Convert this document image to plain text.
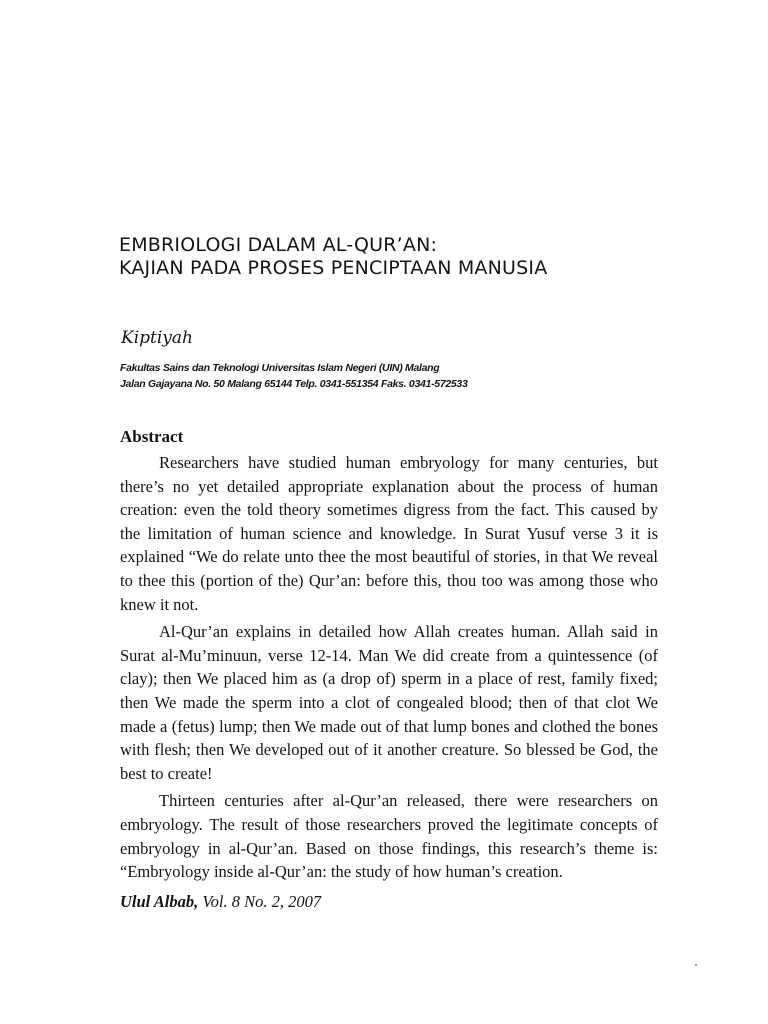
EMBRIOLOGI DALAM AL-QUR’AN:
KAJIAN PADA PROSES PENCIPTAAN MANUSIA

Kiptiyah

Fakultas Sains dan Teknologi Universitas Islam Negeri (UIN) Malang
Jalan Gajayana No. 50 Malang 65144 Telp. 0341-551354 Faks. 0341-572533
Abstract

Researchers have studied human embryology for many centuries, but there’s no yet detailed appropriate explanation about the process of human creation: even the told theory sometimes digress from the fact. This caused by the limitation of human science and knowledge. In Surat Yusuf verse 3 it is explained “We do relate unto thee the most beautiful of stories, in that We reveal to thee this (portion of the) Qur’an: before this, thou too was among those who knew it not.

Al-Qur’an explains in detailed how Allah creates human. Allah said in Surat al-Mu’minuun, verse 12-14. Man We did create from a quintessence (of clay); then We placed him as (a drop of) sperm in a place of rest, family fixed; then We made the sperm into a clot of congealed blood; then of that clot We made a (fetus) lump; then We made out of that lump bones and clothed the bones with flesh; then We developed out of it another creature. So blessed be God, the best to create!

Thirteen centuries after al-Qur’an released, there were researchers on embryology. The result of those researchers proved the legitimate concepts of embryology in al-Qur’an. Based on those findings, this research’s theme is: “Embryology inside al-Qur’an: the study of how human’s creation.

Ulul Albab, Vol. 8 No. 2, 2007
